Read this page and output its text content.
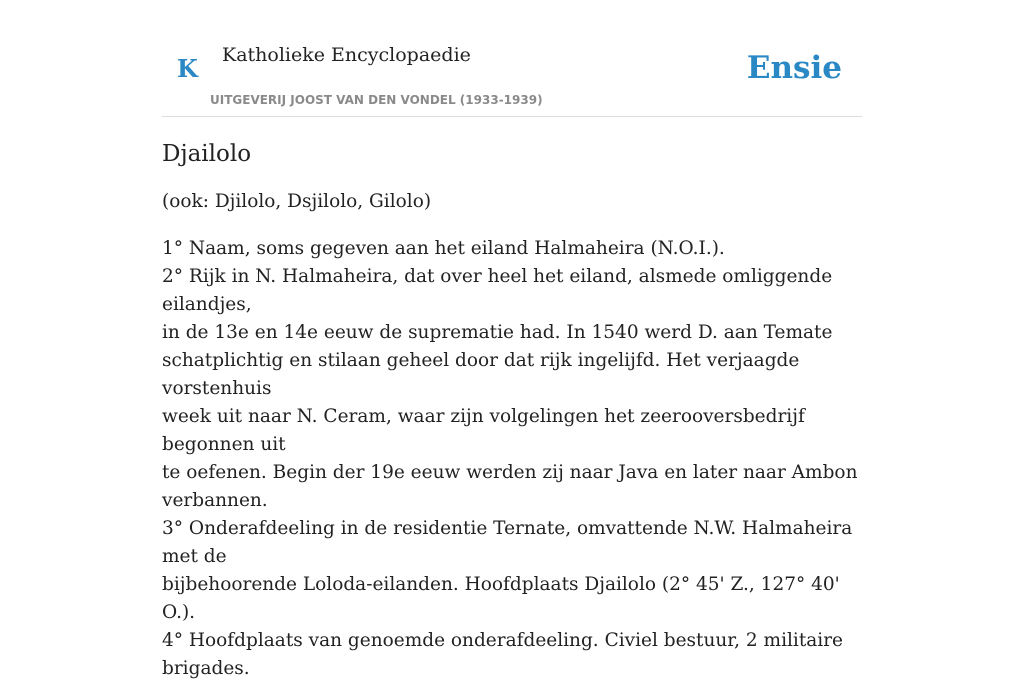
K Katholieke Encyclopaedie
UITGEVERIJ JOOST VAN DEN VONDEL (1933-1939)
Ensie
Djailolo

(ook: Djilolo, Dsjilolo, Gilolo)

1° Naam, soms gegeven aan het eiland Halmaheira (N.O.I.).
2° Rijk in N. Halmaheira, dat over heel het eiland, alsmede omliggende eilandjes,
in de 13e en 14e eeuw de suprematie had. In 1540 werd D. aan Temate
schatplichtig en stilaan geheel door dat rijk ingelijfd. Het verjaagde vorstenhuis
week uit naar N. Ceram, waar zijn volgelingen het zeerooversbedrijf begonnen uit
te oefenen. Begin der 19e eeuw werden zij naar Java en later naar Ambon
verbannen.
3° Onderafdeeling in de residentie Ternate, omvattende N.W. Halmaheira met de
bijbehoorende Loloda-eilanden. Hoofdplaats Djailolo (2° 45' Z., 127° 40' O.).
4° Hoofdplaats van genoemde onderafdeeling. Civiel bestuur, 2 militaire brigades.
